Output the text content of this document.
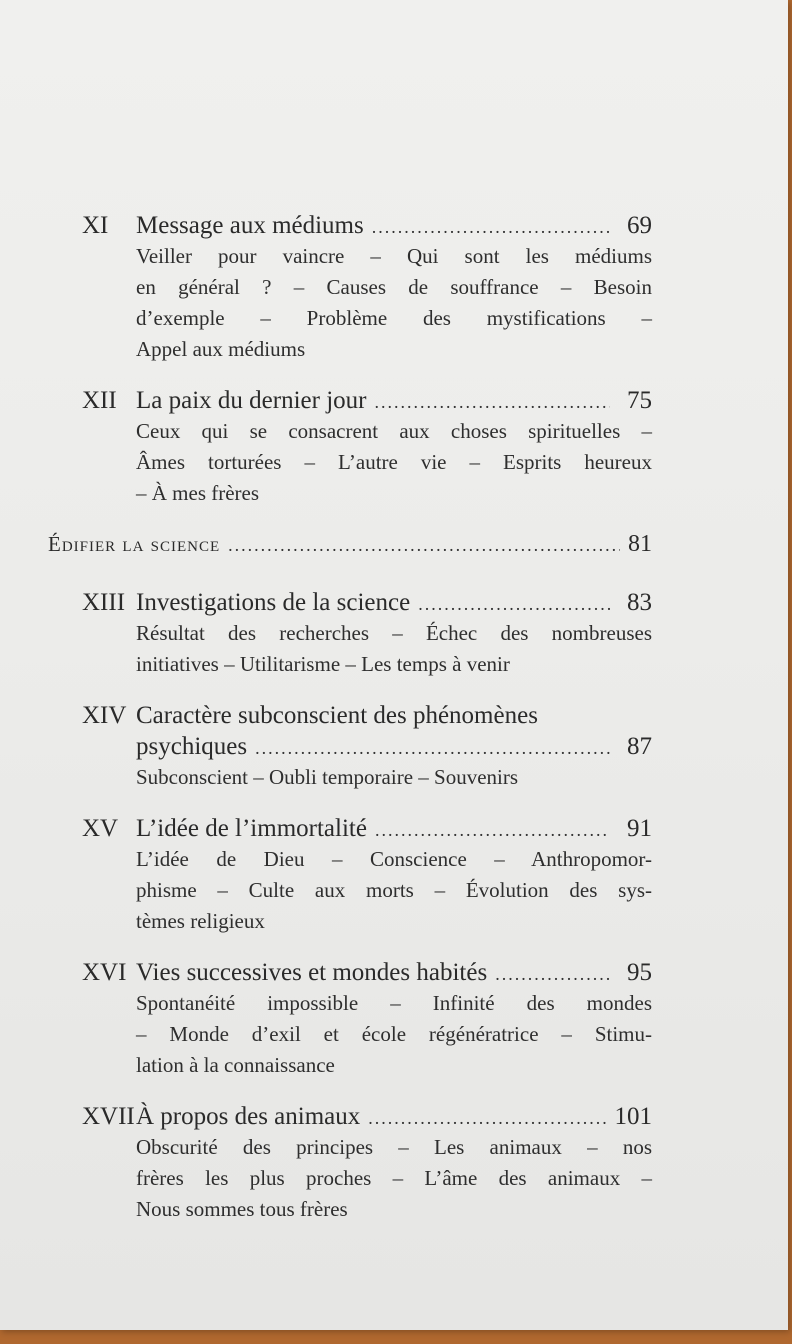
XI	Message aux médiums .....	69
Veiller pour vaincre – Qui sont les médiums
en général ? – Causes de souffrance – Besoin
d’exemple – Problème des mystifications –
Appel aux médiums
XII La paix du dernier jour .....	75
Ceux qui se consacrent aux choses spirituelles –
Âmes torturées – L’autre vie – Esprits heureux
– À mes frères
Édifier la science .....	81
XIII Investigations de la science .....	83
Résultat des recherches – Échec des nombreuses
initiatives – Utilitarisme – Les temps à venir
XIV Caractère subconscient des phénomènes
psychiques .....	87
Subconscient – Oubli temporaire – Souvenirs
XV L’idée de l’immortalité .....	91
L’idée de Dieu – Conscience – Anthropomor-
phisme – Culte aux morts – Évolution des sys-
tèmes religieux
XVI Vies successives et mondes habités .....	95
Spontanéité impossible – Infinité des mondes
– Monde d’exil et école régénératrice – Stimu-
lation à la connaissance
XVII À propos des animaux .....	101
Obscurité des principes – Les animaux – nos
frères les plus proches – L’âme des animaux –
Nous sommes tous frères
